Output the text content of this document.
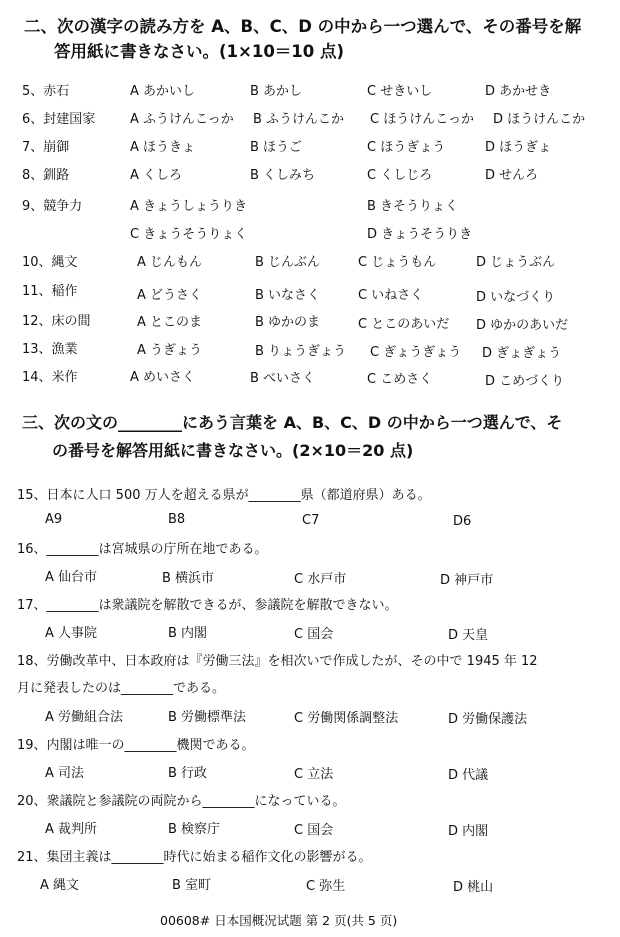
二、次の漢字の読み方を A、B、C、D の中から一つ選んで、その番号を解
答用紙に書きなさい。(1×10＝10 点)
5、赤石	A あかいし	B あかし	C せきいし	D あかせき
6、封建国家	A ふうけんこっか B ふうけんこか C ほうけんこっか D ほうけんこか
7、崩御	A ほうきょ	B ほうご	C ほうぎょう	D ほうぎょ
8、釧路	A くしろ	B くしみち	C くしじろ	D せんろ
9、競争力	A きょうしょうりき	B きそうりょく
C きょうそうりょく	D きょうそうりき
10、縄文	A じんもん	B じんぶん	C じょうもん	D じょうぶん
11、稲作	A どうさく	B いなさく	C いねさく	D いなづくり
12、床の間	A とこのま	B ゆかのま	C とこのあいだ D ゆかのあいだ
13、漁業	A うぎょう	B りょうぎょう C ぎょうぎょう D ぎょぎょう
14、米作	A めいさく	B べいさく	C こめさく	D こめづくり
三、次の文の________にあう言葉を A、B、C、D の中から一つ選んで、そ
の番号を解答用紙に書きなさい。(2×10＝20 点)
15、日本に人口 500 万人を超える県が________県（都道府県）ある。
A9	B8	C7	D6
16、________は宮城県の庁所在地である。
A 仙台市	B 横浜市	C 水戸市	D 神戸市
17、________は衆議院を解散できるが、参議院を解散できない。
A 人事院	B 内閣	C 国会	D 天皇
18、労働改革中、日本政府は『労働三法』を相次いで作成したが、その中で 1945 年 12
月に発表したのは________である。
A 労働組合法	B 労働標準法	C 労働関係調整法	D 労働保護法
19、内閣は唯一の________機関である。
A 司法	B 行政	C 立法	D 代議
20、衆議院と参議院の両院から________になっている。
A 裁判所	B 検察庁	C 国会	D 内閣
21、集団主義は________時代に始まる稲作文化の影響がる。
A 縄文	B 室町	C 弥生	D 桃山
00608# 日本国概况试题 第 2 页(共 5 页)
